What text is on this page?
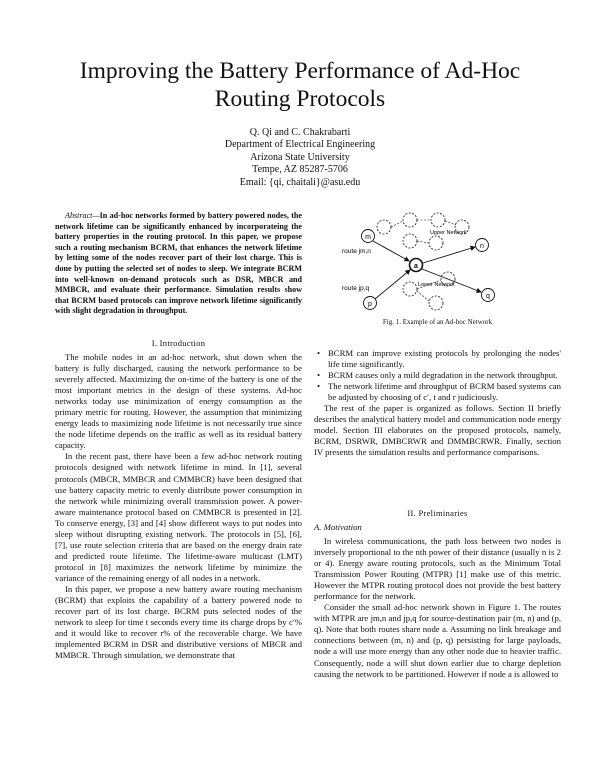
Improving the Battery Performance of Ad-Hoc
Routing Protocols
Q. Qi and C. Chakrabarti
Department of Electrical Engineering
Arizona State University
Tempe, AZ 85287-5706
Email: {qi, chaitali}@asu.edu

Abstract—In ad-hoc networks formed by battery powered nodes, the network lifetime can be significantly enhanced by incorporateing the battery properties in the routing protocol. In this paper, we propose such a routing mechanism BCRM, that enhances the network lifetime by letting some of the nodes recover part of their lost charge. This is done by putting the selected set of nodes to sleep. We integrate BCRM into well-known on-demand protocols such as DSR, MBCR and MMBCR, and evaluate their performance. Simulation results show that BCRM based protocols can improve network lifetime significantly with slight degradation in throughput.

I. Introduction

The mobile nodes in an ad-hoc network, shut down when the battery is fully discharged, causing the network performance to be severely affected. Maximizing the on-time of the battery is one of the most important metrics in the design of these systems. Ad-hoc networks today use minimization of energy consumption as the primary metric for routing. However, the assumption that minimizing energy leads to maximizing node lifetime is not necessarily true since the node lifetime depends on the traffic as well as its residual battery capacity.

In the recent past, there have been a few ad-hoc network routing protocols designed with network lifetime in mind. In [1], several protocols (MBCR, MMBCR and CMMBCR) have been designed that use battery capacity metric to evenly distribute power consumption in the network while minimizing overall transmission power. A power-aware maintenance protocol based on CMMBCR is presented in [2]. To conserve energy, [3] and [4] show different ways to put nodes into sleep without disrupting existing network. The protocols in [5], [6], [7], use route selection criteria that are based on the energy drain rate and predicted route lifetime. The lifetime-aware multicast (LMT) protocol in [8] maximizes the network lifetime by minimize the variance of the remaining energy of all nodes in a network.

In this paper, we propose a new battery aware routing mechanism (BCRM) that exploits the capability of a battery powered node to recover part of its lost charge. BCRM puts selected nodes of the network to sleep for time t seconds every time its charge drops by c′% and it would like to recover r% of the recoverable charge. We have implemented BCRM in DSR and distributive versions of MBCR and MMBCR. Through simulation, we demonstrate that

m
n
a
p
q
Upper Network
Lower Network
route jm,n
route jp,q
Fig. 1. Example of an Ad-hoc Network
• BCRM can improve existing protocols by prolonging the nodes' life time significantly.
• BCRM causes only a mild degradation in the network throughput.
• The network lifetime and throughput of BCRM based systems can be adjusted by choosing of c′, t and r judiciously.

The rest of the paper is organized as follows. Section II briefly describes the analytical battery model and communication node energy model. Section III elaborates on the proposed protocols, namely, BCRM, DSRWR, DMBCRWR and DMMBCRWR. Finally, section IV presents the simulation results and performance comparisons.

II. Preliminaries
A. Motivation

In wireless communications, the path loss between two nodes is inversely proportional to the nth power of their distance (usually n is 2 or 4). Energy aware routing protocols, such as the Minimum Total Transmission Power Routing (MTPR) [1] make use of this metric. However the MTPR routing protocol does not provide the best battery performance for the network.

Consider the small ad-hoc network shown in Figure 1. The routes with MTPR are jm,n and jp,q for source-destination pair (m, n) and (p, q). Note that both routes share node a. Assuming no link breakage and connections between (m, n) and (p, q) persisting for large payloads, node a will use more energy than any other node due to heavier traffic. Consequently, node a will shut down earlier due to charge depletion causing the network to be partitioned. However if node a is allowed to
